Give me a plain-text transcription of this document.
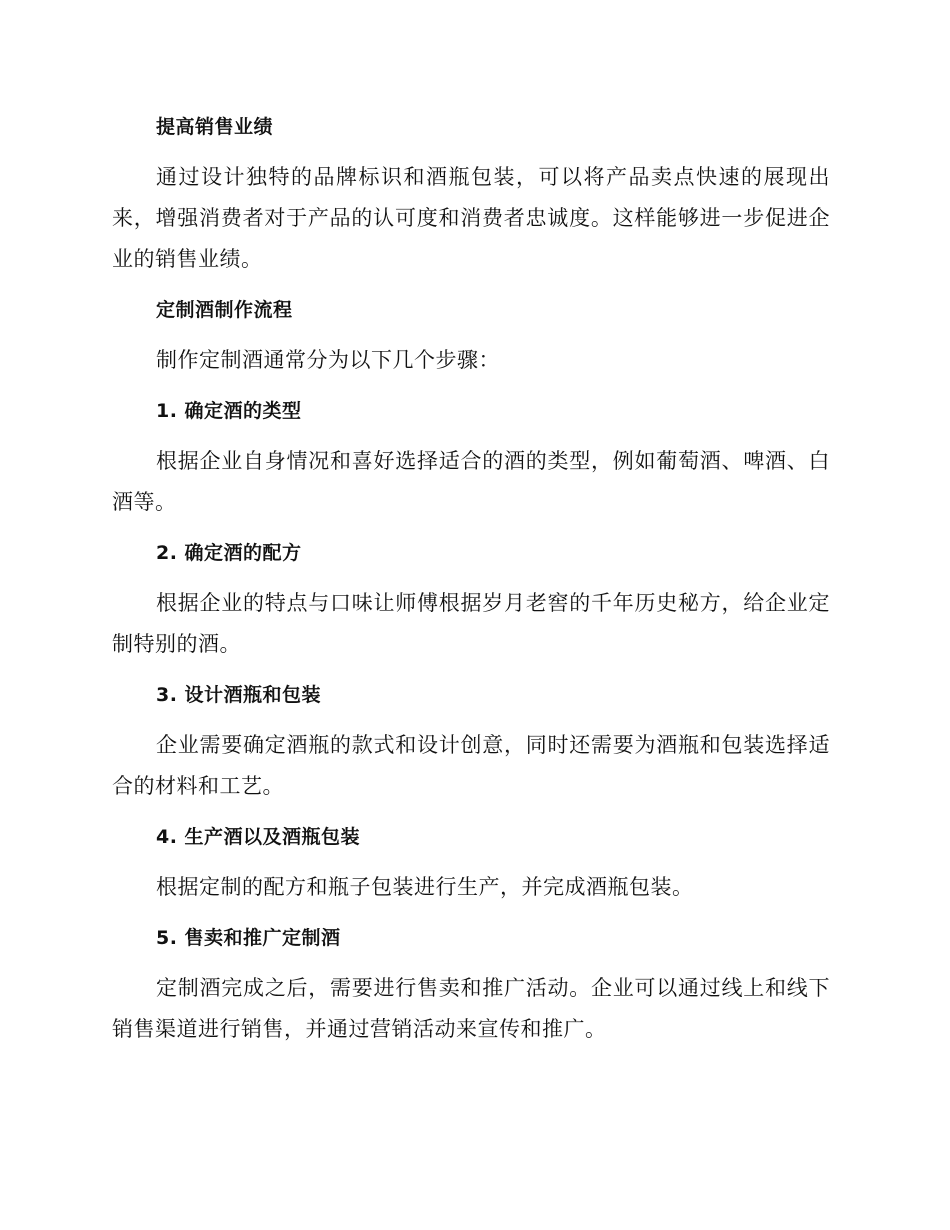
提高销售业绩

通过设计独特的品牌标识和酒瓶包装，可以将产品卖点快速的展现出来，增强消费者对于产品的认可度和消费者忠诚度。这样能够进一步促进企业的销售业绩。

定制酒制作流程

制作定制酒通常分为以下几个步骤：

1. 确定酒的类型

根据企业自身情况和喜好选择适合的酒的类型，例如葡萄酒、啤酒、白酒等。

2. 确定酒的配方

根据企业的特点与口味让师傅根据岁月老窖的千年历史秘方，给企业定制特别的酒。

3. 设计酒瓶和包装

企业需要确定酒瓶的款式和设计创意，同时还需要为酒瓶和包装选择适合的材料和工艺。

4. 生产酒以及酒瓶包装

根据定制的配方和瓶子包装进行生产，并完成酒瓶包装。

5. 售卖和推广定制酒

定制酒完成之后，需要进行售卖和推广活动。企业可以通过线上和线下销售渠道进行销售，并通过营销活动来宣传和推广。
